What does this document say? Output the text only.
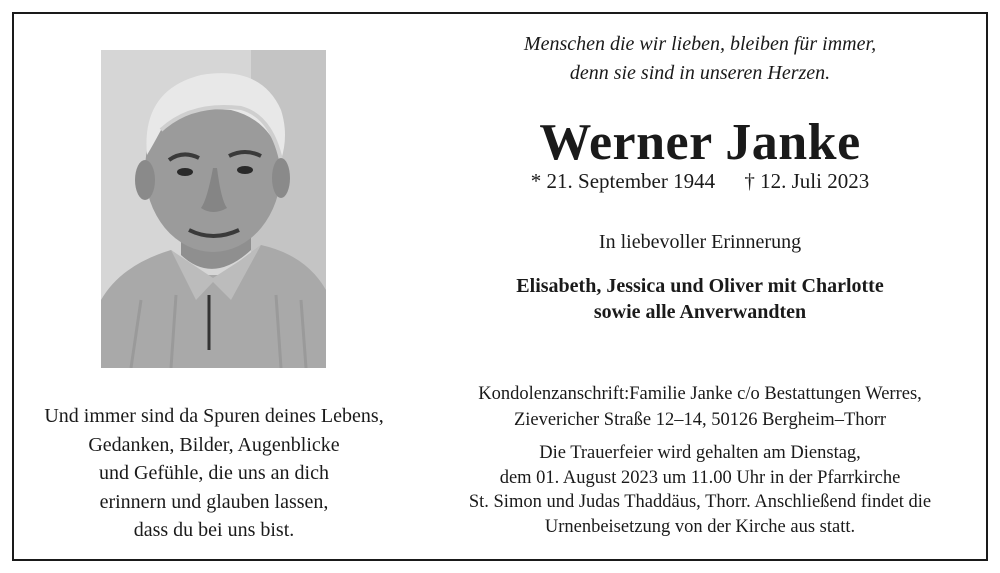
Menschen die wir lieben, bleiben für immer,
denn sie sind in unseren Herzen.
Werner Janke
* 21. September 1944 † 12. Juli 2023
In liebevoller Erinnerung
Elisabeth, Jessica und Oliver mit Charlotte
sowie alle Anverwandten
Kondolenzanschrift:Familie Janke c/o Bestattungen Werres,
Zievericher Straße 12–14, 50126 Bergheim–Thorr
Die Trauerfeier wird gehalten am Dienstag,
dem 01. August 2023 um 11.00 Uhr in der Pfarrkirche
St. Simon und Judas Thaddäus, Thorr. Anschließend findet die
Urnenbeisetzung von der Kirche aus statt.
Und immer sind da Spuren deines Lebens,
Gedanken, Bilder, Augenblicke
und Gefühle, die uns an dich
erinnern und glauben lassen,
dass du bei uns bist.
